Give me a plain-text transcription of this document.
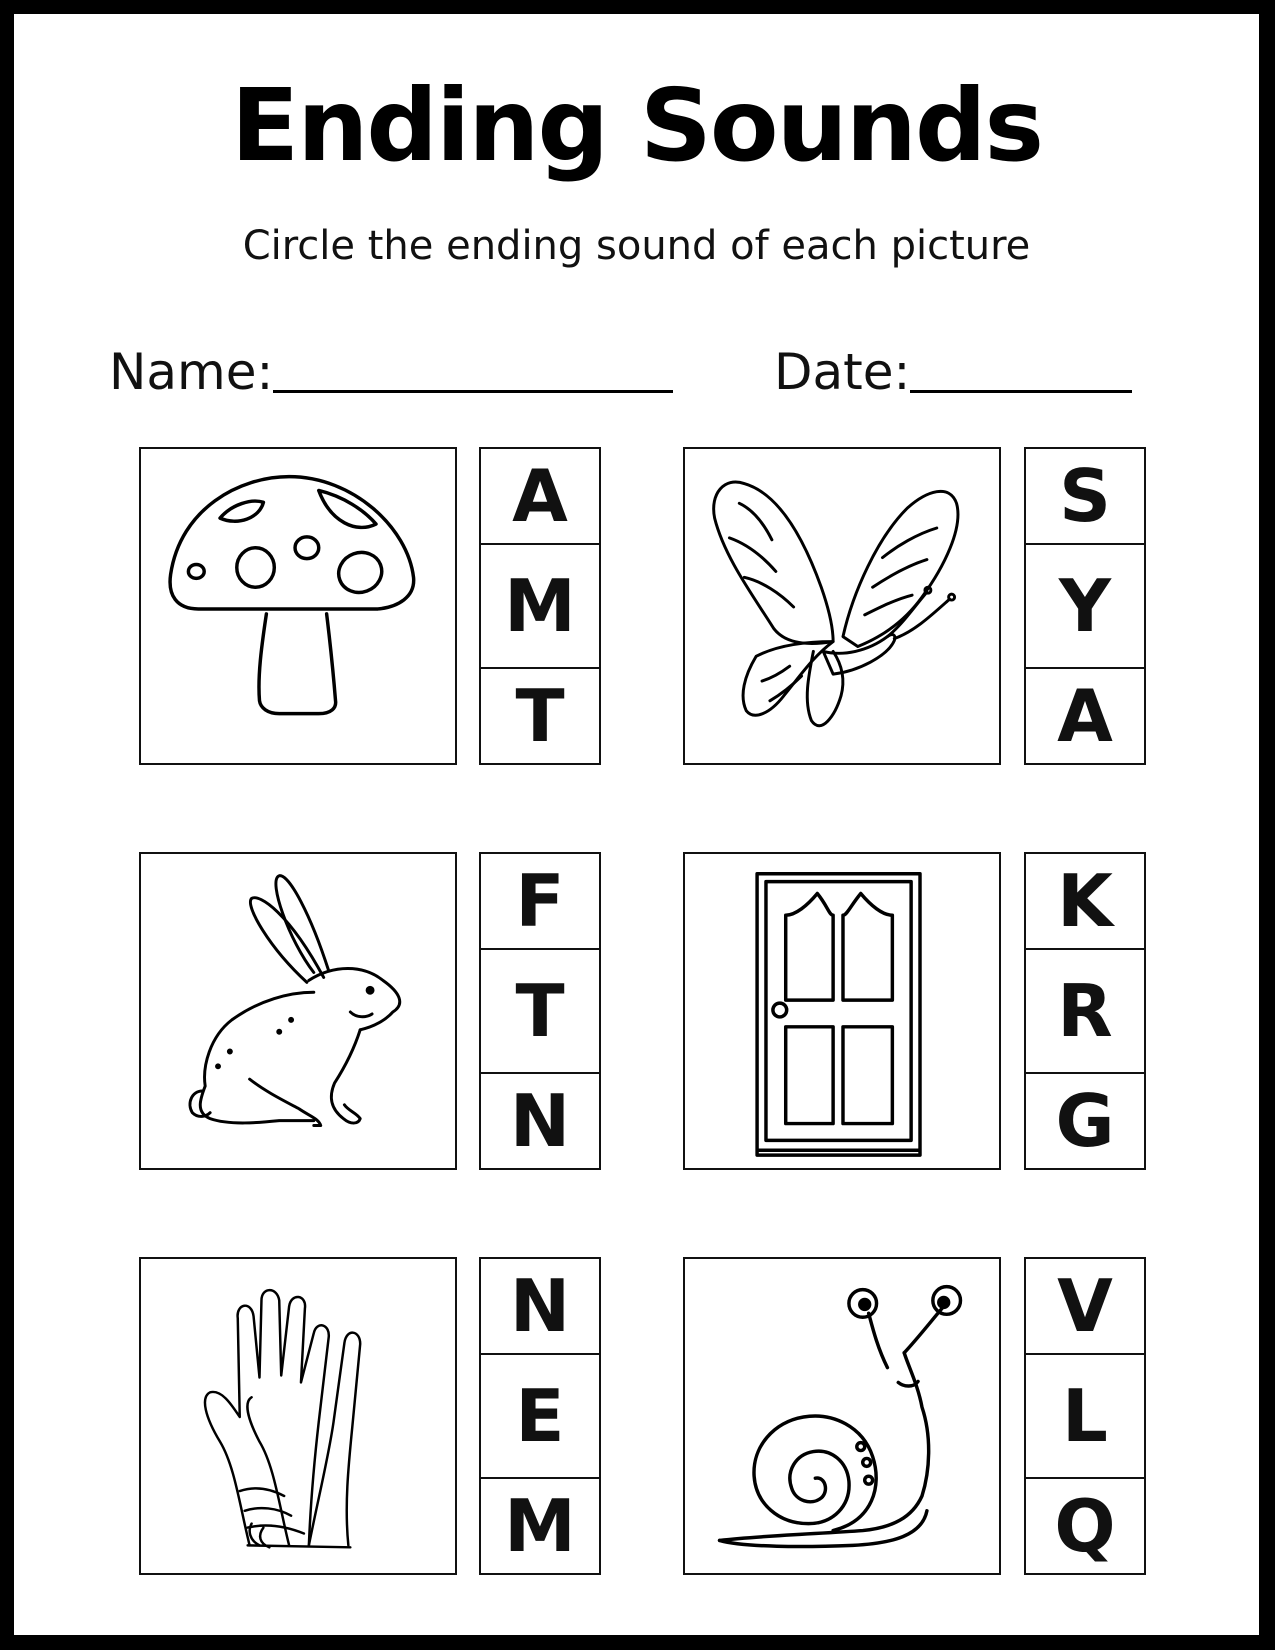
Ending Sounds
Circle the ending sound of each picture
Name:	Date:
A
M
T
S
Y
A
F
T
N
K
R
G
N
E
M
V
L
Q
